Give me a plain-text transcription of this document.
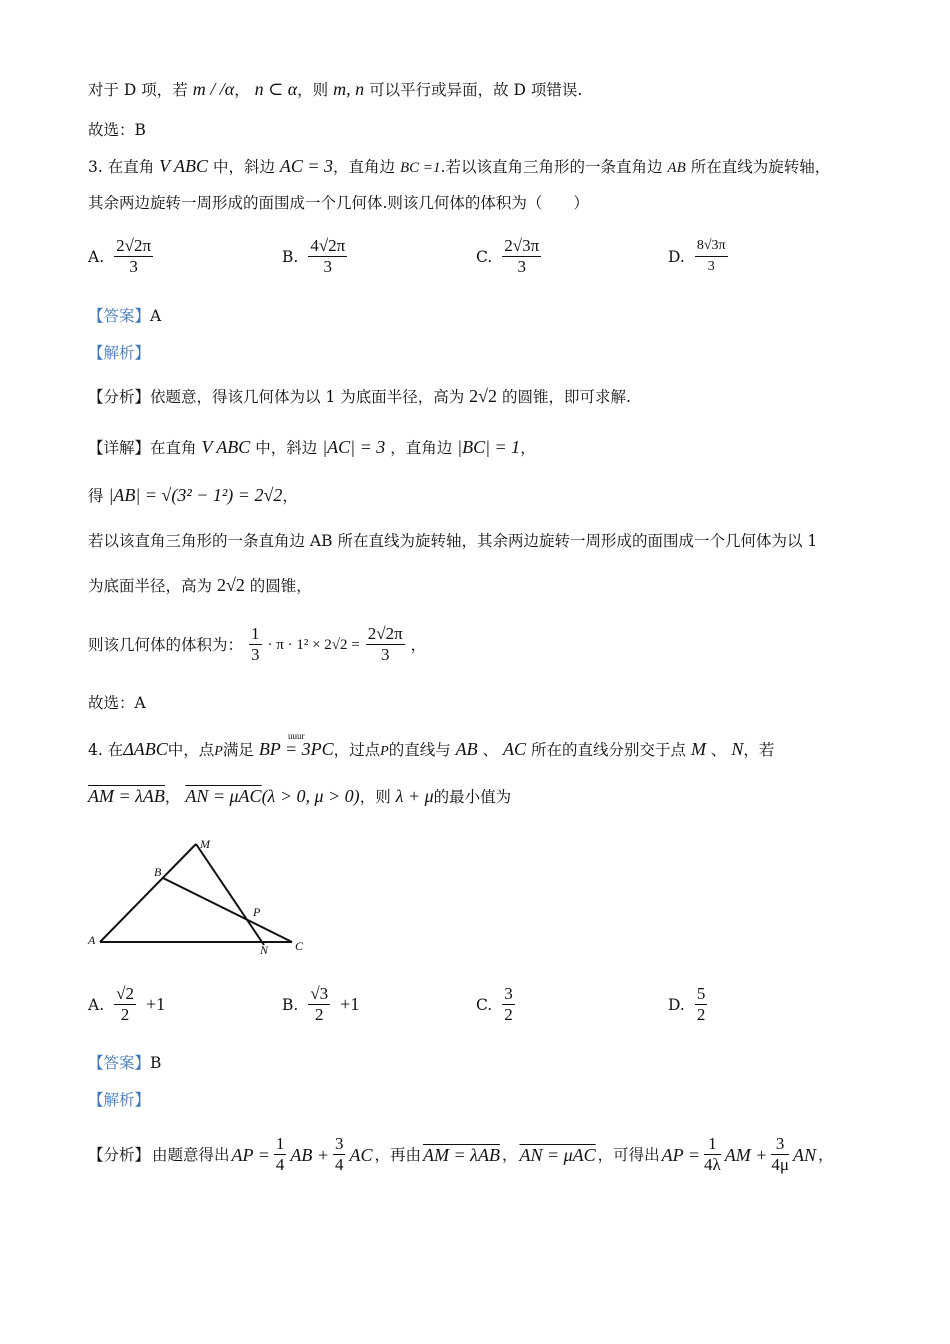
对于 D 项，若 m / /α， n ⊂ α，则 m, n 可以平行或异面，故 D 项错误.
故选：B
3. 在直角 V ABC 中，斜边 AC = 3，直角边 BC =1.若以该直角三角形的一条直角边 AB 所在直线为旋转轴，
其余两边旋转一周形成的面围成一个几何体.则该几何体的体积为（　　）
A. $\frac{2√2\pi}{3}$	B. $\frac{4√2\pi}{3}$	C. $\frac{2√3\pi}{3}$	D. $\frac{8√3\pi}{3}$
【答案】A
【解析】
【分析】依题意，得该几何体为以 1 为底面半径，高为 2√2 的圆锥，即可求解.
【详解】在直角 V ABC 中，斜边 |AC| = 3 ，直角边 |BC| = 1，
得 |AB| = √(3² − 1²) = 2√2，
若以该直角三角形的一条直角边 AB 所在直线为旋转轴，其余两边旋转一周形成的面围成一个几何体为以 1
为底面半径，高为 2√2 的圆锥，
则该几何体的体积为： $\frac{1}{3} \cdot \pi \cdot 1^2 \times 2√2 = \frac{2√2\pi}{3}$ ，
故选：A
4. 在ΔABC中，点P满足
uuur
BP = 3PC，过点P的直线与 AB 、 AC 所在的直线分别交于点 M 、 N，若
AM = λAB， AN = μAC(λ > 0, μ > 0)，则 λ + μ的最小值为
A
B
M
P
N C
A. $\frac{√2}{2} +1$	B. $\frac{√3}{2} +1$	C. $\frac{3}{2}$	D. $\frac{5}{2}$
【答案】B
【解析】
【分析】 由题意得出 AP = $\frac{1}{4}$ AB + $\frac{3}{4}$ AC ，再由 AM = λAB ， AN = μAC ，可得出 AP = $\frac{1}{4\lambda}$ AM + $\frac{3}{4\mu}$ AN ，
